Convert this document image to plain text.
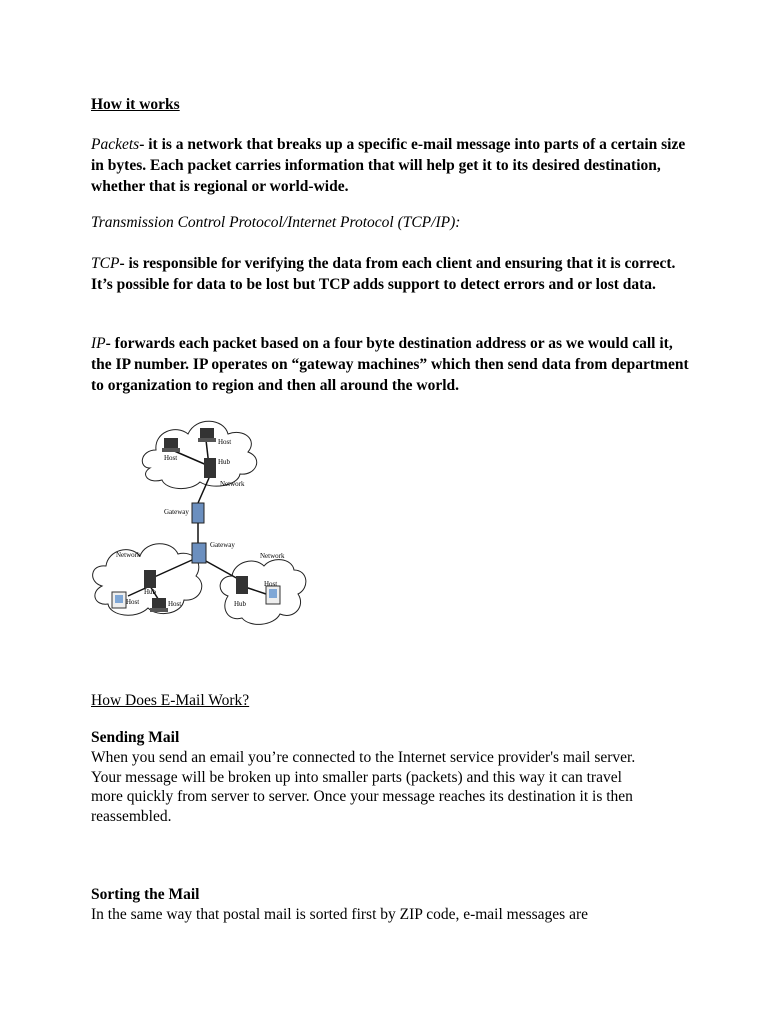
How it works

Packets- it is a network that breaks up a specific e-mail message into parts of a certain size in bytes. Each packet carries information that will help get it to its desired destination, whether that is regional or world-wide.

Transmission Control Protocol/Internet Protocol (TCP/IP):

TCP- is responsible for verifying the data from each client and ensuring that it is correct. It’s possible for data to be lost but TCP adds support to detect errors and or lost data.

IP- forwards each packet based on a four byte destination address or as we would call it, the IP number. IP operates on “gateway machines” which then send data from department to organization to region and then all around the world.

Network
Network	Network
Gateway
Gateway
Host
Host
Hub
Hub
Host	Host	Hub
Host

How Does E-Mail Work?

Sending Mail

When you send an email you’re connected to the Internet service provider's mail server. Your message will be broken up into smaller parts (packets) and this way it can travel more quickly from server to server. Once your message reaches its destination it is then reassembled.

Sorting the Mail

In the same way that postal mail is sorted first by ZIP code, e-mail messages are
